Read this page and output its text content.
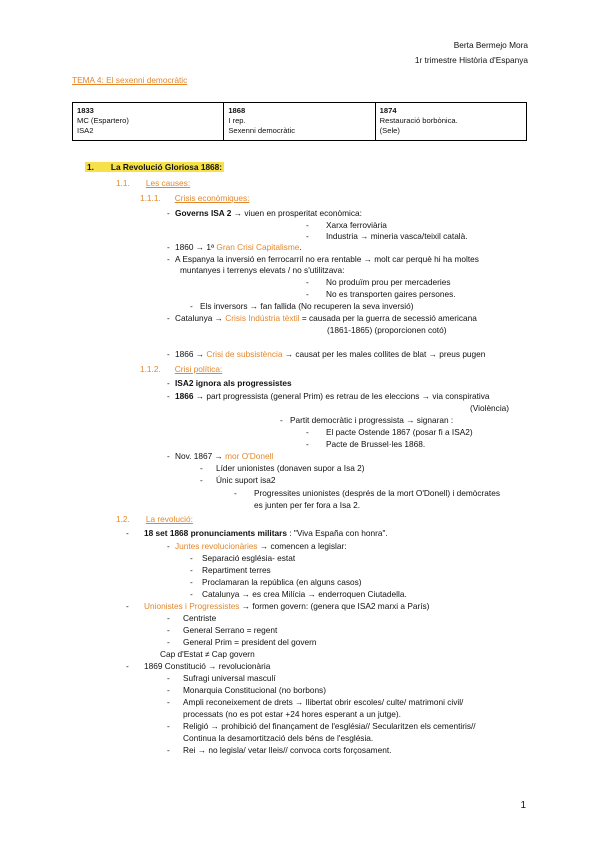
Berta Bermejo Mora
1r trimestre Història d'Espanya
TEMA 4: El sexenni democràtic
1833
MC (Espartero)
ISA2

1868
I rep.
Sexenni democràtic

1874
Restauració borbònica.
(Sele)
1. La Revolució Gloriosa 1868:
1.1. Les causes:
1.1.1. Crisis econòmiques:
- Governs ISA 2 → viuen en prosperitat econòmica:
- Xarxa ferroviària
- Industria → mineria vasca/teixil català.
- 1860 → 1ª Gran Crisi Capitalisme.
- A Espanya la inversió en ferrocarril no era rentable → molt car perquè hi ha moltes
muntanyes i terrenys elevats / no s'utilitzava:
- No produïm prou per mercaderies
- No es transporten gaires persones.
- Els inversors → fan fallida (No recuperen la seva inversió)
- Catalunya → Crisis Indústria tèxtil = causada per la guerra de secessió americana
(1861-1865) (proporcionen cotó)
- 1866 → Crisi de subsistència → causat per les males collites de blat → preus pugen
1.1.2. Crisi política:
- ISA2 ignora als progressistes
- 1866 → part progressista (general Prim) es retrau de les eleccions → via conspirativa
(Violència)
- Partit democràtic i progressista → signaran :
- El pacte Ostende 1867 (posar fi a ISA2)
- Pacte de Brussel·les 1868.
- Nov. 1867 → mor O'Donell
- Líder unionistes (donaven supor a Isa 2)
- Únic suport isa2
- Progressites unionistes (després de la mort O'Donell) i demòcrates
es junten per fer fora a Isa 2.
1.2. La revolució:
- 18 set 1868 pronunciaments militars : "Viva España con honra".
- Juntes revolucionàries → comencen a legislar:
- Separació església- estat
- Repartiment terres
- Proclamaran la república (en alguns casos)
- Catalunya → es crea Milícia → enderroquen Ciutadella.
- Unionistes i Progressistes → formen govern: (genera que ISA2 marxi a París)
- Centriste
- General Serrano = regent
- General Prim = president del govern
Cap d'Estat ≠ Cap govern
- 1869 Constitució → revolucionària
- Sufragi universal masculí
- Monarquia Constitucional (no borbons)
- Ampli reconeixement de drets → llibertat obrir escoles/ culte/ matrimoni civil/
processats (no es pot estar +24 hores esperant a un jutge).
- Religió → prohibició del finançament de l'església// Secularitzen els cementiris//
Continua la desamortització dels béns de l'església.
- Rei → no legisla/ vetar lleis// convoca corts forçosament.
1
